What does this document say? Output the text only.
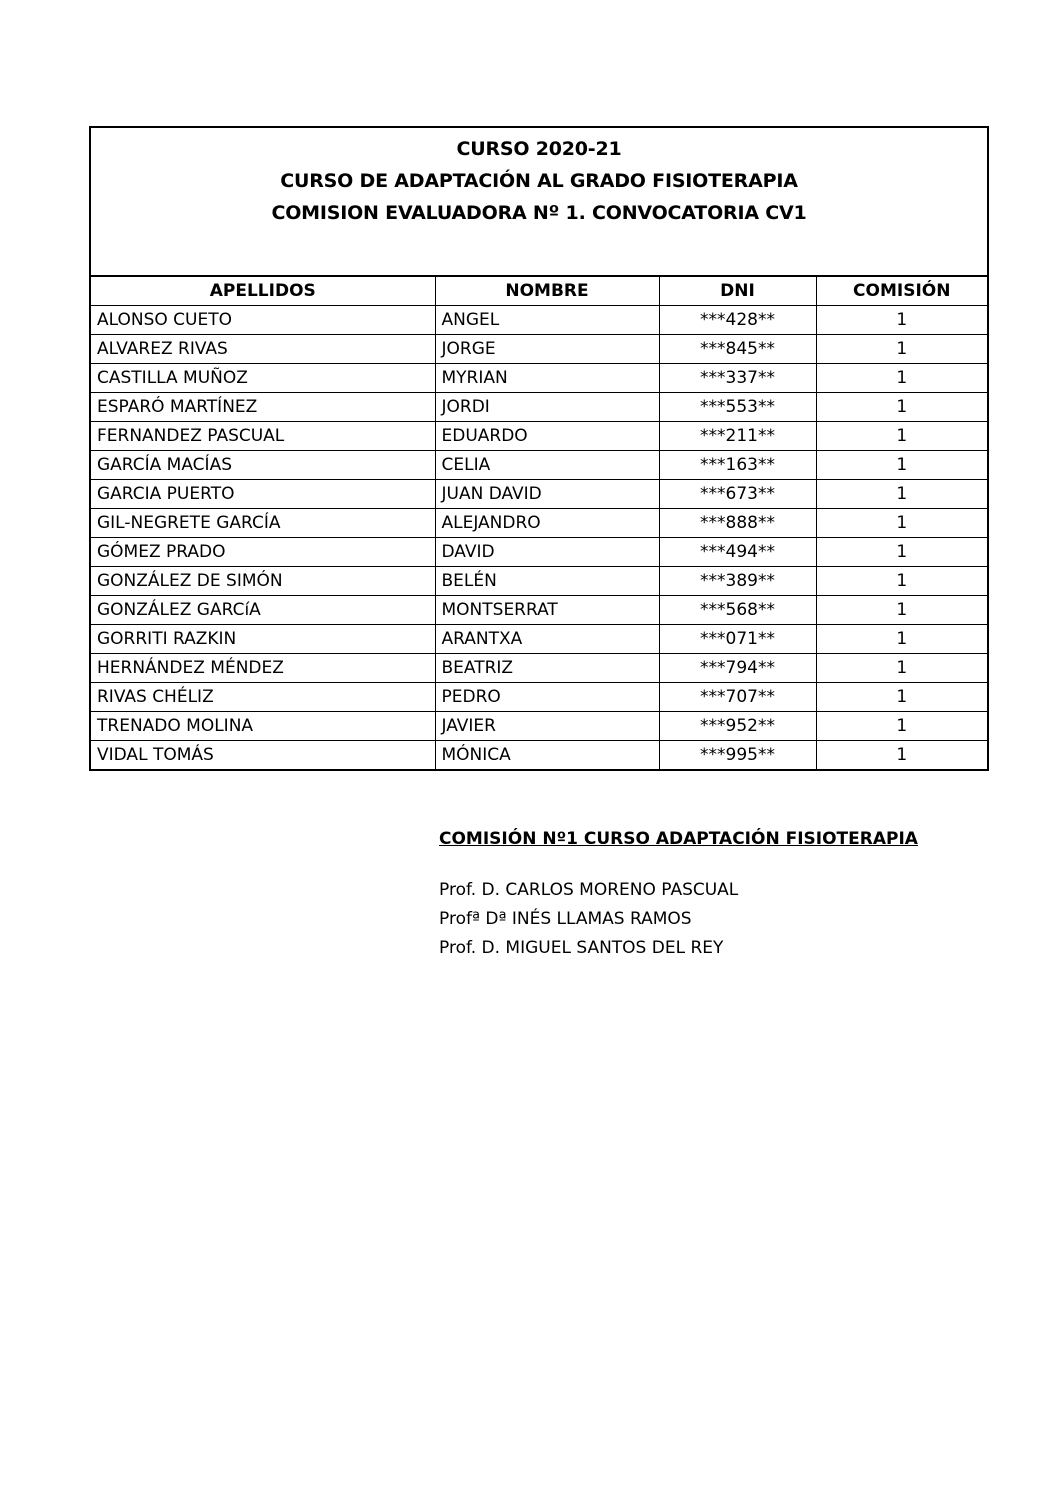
CURSO 2020-21
CURSO DE ADAPTACIÓN AL GRADO FISIOTERAPIA
COMISION EVALUADORA Nº 1. CONVOCATORIA CV1
APELLIDOS	NOMBRE	DNI	COMISIÓN
ALONSO CUETO	ANGEL	***428**	1
ALVAREZ RIVAS	JORGE	***845**	1
CASTILLA MUÑOZ	MYRIAN	***337**	1
ESPARÓ MARTÍNEZ	JORDI	***553**	1
FERNANDEZ PASCUAL	EDUARDO	***211**	1
GARCÍA MACÍAS	CELIA	***163**	1
GARCIA PUERTO	JUAN DAVID	***673**	1
GIL-NEGRETE GARCÍA	ALEJANDRO	***888**	1
GÓMEZ PRADO	DAVID	***494**	1
GONZÁLEZ DE SIMÓN	BELÉN	***389**	1
GONZÁLEZ GARCíA	MONTSERRAT	***568**	1
GORRITI RAZKIN	ARANTXA	***071**	1
HERNÁNDEZ MÉNDEZ	BEATRIZ	***794**	1
RIVAS CHÉLIZ	PEDRO	***707**	1
TRENADO MOLINA	JAVIER	***952**	1
VIDAL TOMÁS	MÓNICA	***995**	1
COMISIÓN Nº1 CURSO ADAPTACIÓN FISIOTERAPIA
Prof. D. CARLOS MORENO PASCUAL
Profª Dª INÉS LLAMAS RAMOS
Prof. D. MIGUEL SANTOS DEL REY
